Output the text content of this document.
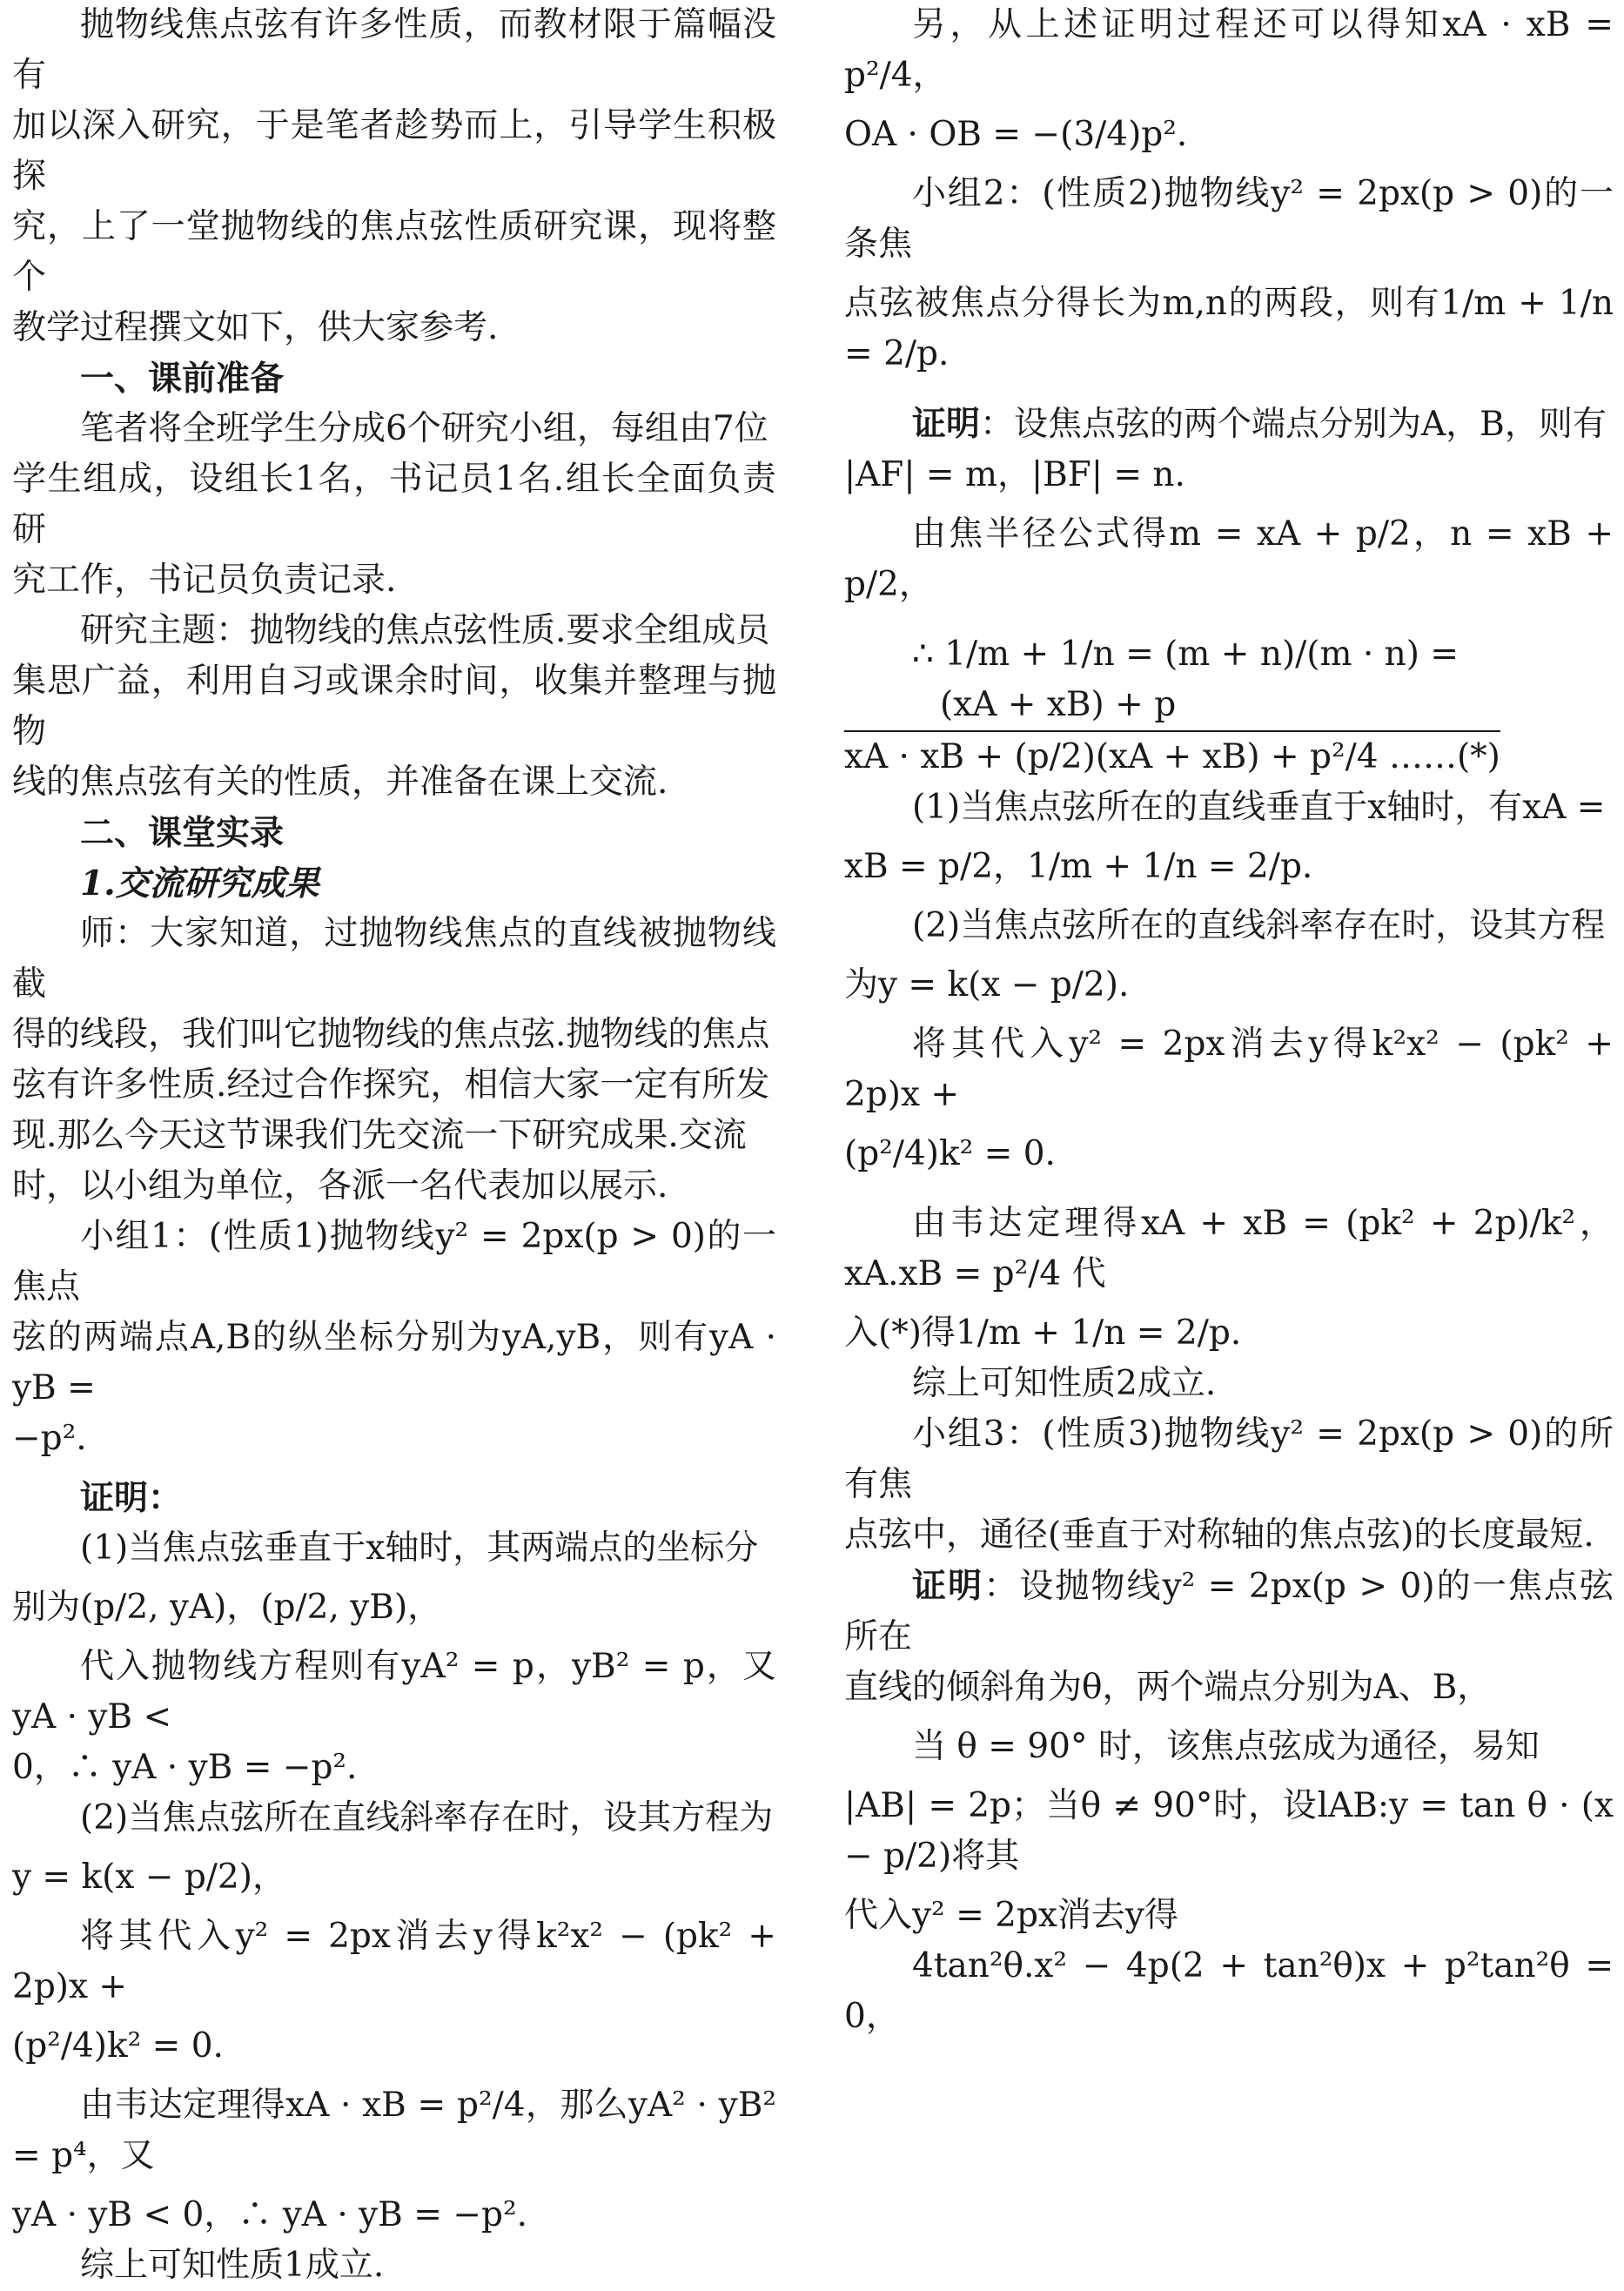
抛物线焦点弦有许多性质，而教材限于篇幅没有

加以深入研究，于是笔者趁势而上，引导学生积极探

究，上了一堂抛物线的焦点弦性质研究课，现将整个

教学过程撰文如下，供大家参考.

一、课前准备

笔者将全班学生分成6个研究小组，每组由7位

学生组成，设组长1名，书记员1名.组长全面负责研

究工作，书记员负责记录.

研究主题：抛物线的焦点弦性质.要求全组成员

集思广益，利用自习或课余时间，收集并整理与抛物

线的焦点弦有关的性质，并准备在课上交流.

二、课堂实录

1.交流研究成果

师：大家知道，过抛物线焦点的直线被抛物线截

得的线段，我们叫它抛物线的焦点弦.抛物线的焦点

弦有许多性质.经过合作探究，相信大家一定有所发

现.那么今天这节课我们先交流一下研究成果.交流

时，以小组为单位，各派一名代表加以展示.

小组1：(性质1)抛物线y² = 2px(p > 0)的一焦点

弦的两端点A,B的纵坐标分别为yA,yB，则有yA · yB =

−p².

证明：

(1)当焦点弦垂直于x轴时，其两端点的坐标分

别为(p/2, yA)，(p/2, yB)，

代入抛物线方程则有yA² = p，yB² = p，又yA · yB <

0，∴ yA · yB = −p².

(2)当焦点弦所在直线斜率存在时，设其方程为

y = k(x − p/2)，

将其代入y² = 2px消去y得k²x² − (pk² + 2p)x +

(p²/4)k² = 0.

由韦达定理得xA · xB = p²/4，那么yA² · yB² = p⁴，又

yA · yB < 0，∴ yA · yB = −p².

综上可知性质1成立.

另，从上述证明过程还可以得知xA · xB = p²/4，

OA · OB = −(3/4)p².

小组2：(性质2)抛物线y² = 2px(p > 0)的一条焦

点弦被焦点分得长为m,n的两段，则有1/m + 1/n = 2/p.

证明：设焦点弦的两个端点分别为A，B，则有

|AF| = m，|BF| = n.

由焦半径公式得m = xA + p/2，n = xB + p/2，

∴ 1/m + 1/n = (m + n)/(m · n) =

(xA + xB) + p

xA · xB + (p/2)(xA + xB) + p²/4 ……(*)

(1)当焦点弦所在的直线垂直于x轴时，有xA =

xB = p/2，1/m + 1/n = 2/p.

(2)当焦点弦所在的直线斜率存在时，设其方程

为y = k(x − p/2).

将其代入y² = 2px消去y得k²x² − (pk² + 2p)x +

(p²/4)k² = 0.

由韦达定理得xA + xB = (pk² + 2p)/k²，xA.xB = p²/4 代

入(*)得1/m + 1/n = 2/p.

综上可知性质2成立.

小组3：(性质3)抛物线y² = 2px(p > 0)的所有焦

点弦中，通径(垂直于对称轴的焦点弦)的长度最短.

证明：设抛物线y² = 2px(p > 0)的一焦点弦所在

直线的倾斜角为θ，两个端点分别为A、B，

当 θ = 90° 时，该焦点弦成为通径，易知

|AB| = 2p；当θ ≠ 90°时，设lAB:y = tan θ · (x − p/2)将其

代入y² = 2px消去y得

4tan²θ.x² − 4p(2 + tan²θ)x + p²tan²θ = 0，
